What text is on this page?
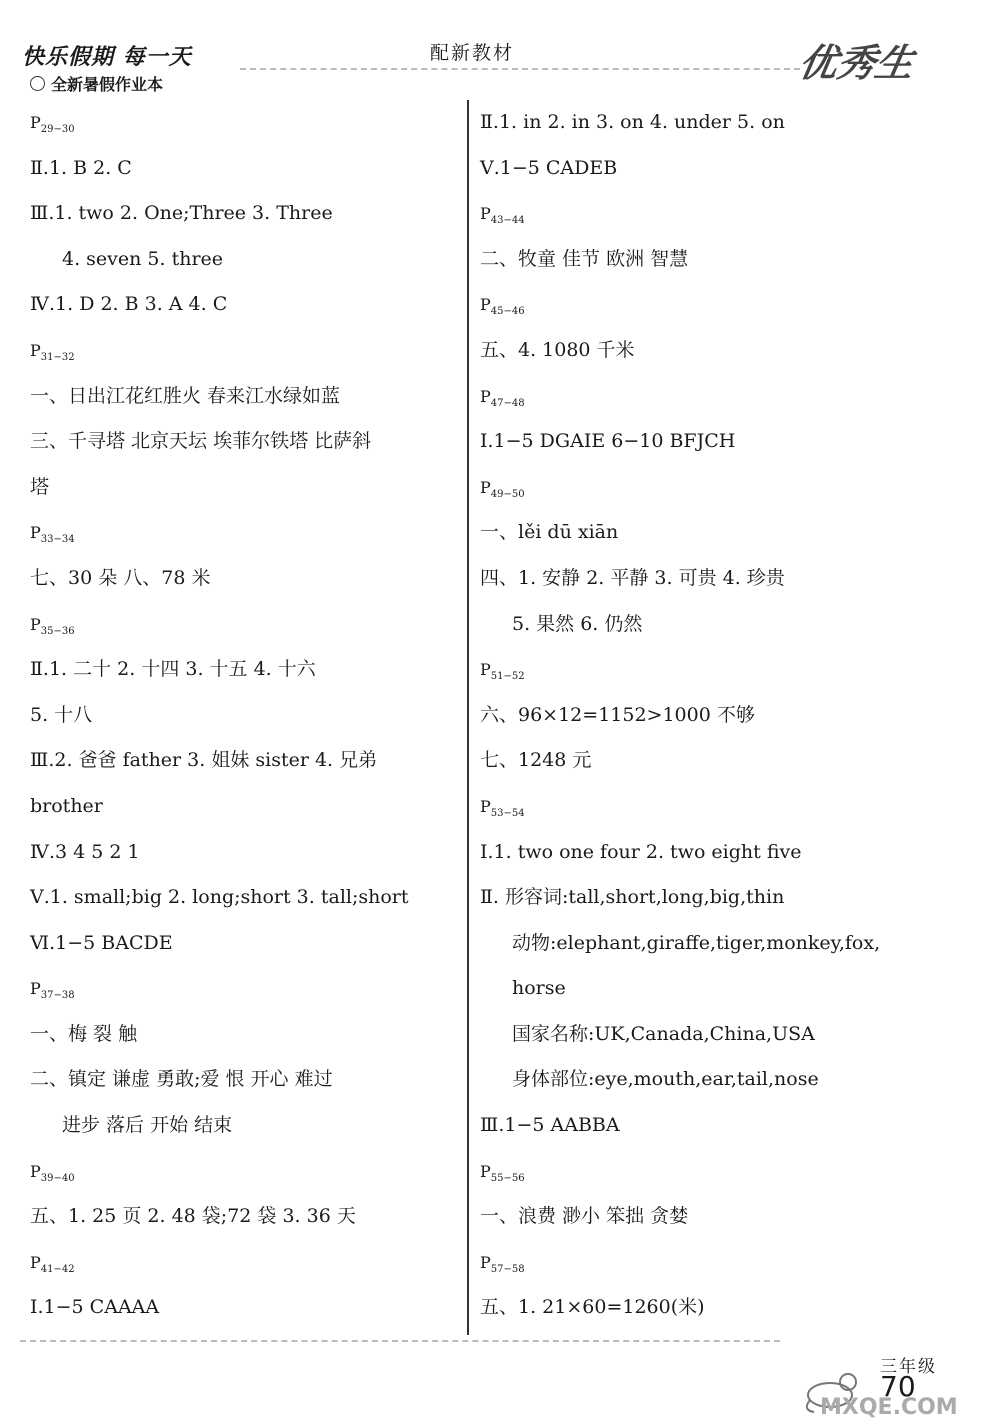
快乐假期 每一天
全新暑假作业本
配新教材	优秀生
$P_{29-30}$
Ⅱ.1. B 2. C
Ⅲ.1. two 2. One;Three 3. Three
4. seven 5. three
Ⅳ.1. D 2. B 3. A 4. C
$P_{31-32}$
一、日出江花红胜火 春来江水绿如蓝
三、千寻塔 北京天坛 埃菲尔铁塔 比萨斜
塔
$P_{33-34}$
七、30 朵 八、78 米
$P_{35-36}$
Ⅱ.1. 二十 2. 十四 3. 十五 4. 十六
5. 十八
Ⅲ.2. 爸爸 father 3. 姐妹 sister 4. 兄弟
brother
Ⅳ.3 4 5 2 1
Ⅴ.1. small;big 2. long;short 3. tall;short
Ⅵ.1−5 BACDE
$P_{37-38}$
一、梅 裂 触
二、镇定 谦虚 勇敢;爱 恨 开心 难过
进步 落后 开始 结束
$P_{39-40}$
五、1. 25 页 2. 48 袋;72 袋 3. 36 天
$P_{41-42}$
Ⅰ.1−5 CAAAA
Ⅱ.1. in 2. in 3. on 4. under 5. on
Ⅴ.1−5 CADEB
$P_{43-44}$
二、牧童 佳节 欧洲 智慧
$P_{45-46}$
五、4. 1080 千米
$P_{47-48}$
Ⅰ.1−5 DGAIE 6−10 BFJCH
$P_{49-50}$
一、lěi dū xiān
四、1. 安静 2. 平静 3. 可贵 4. 珍贵
5. 果然 6. 仍然
$P_{51-52}$
六、96×12=1152>1000 不够
七、1248 元
$P_{53-54}$
Ⅰ.1. two one four 2. two eight five
Ⅱ. 形容词:tall,short,long,big,thin
动物:elephant,giraffe,tiger,monkey,fox,
horse
国家名称:UK,Canada,China,USA
身体部位:eye,mouth,ear,tail,nose
Ⅲ.1−5 AABBA
$P_{55-56}$
一、浪费 渺小 笨拙 贪婪
$P_{57-58}$
五、1. 21×60=1260(米)
三年级
70
MXQE.COM
